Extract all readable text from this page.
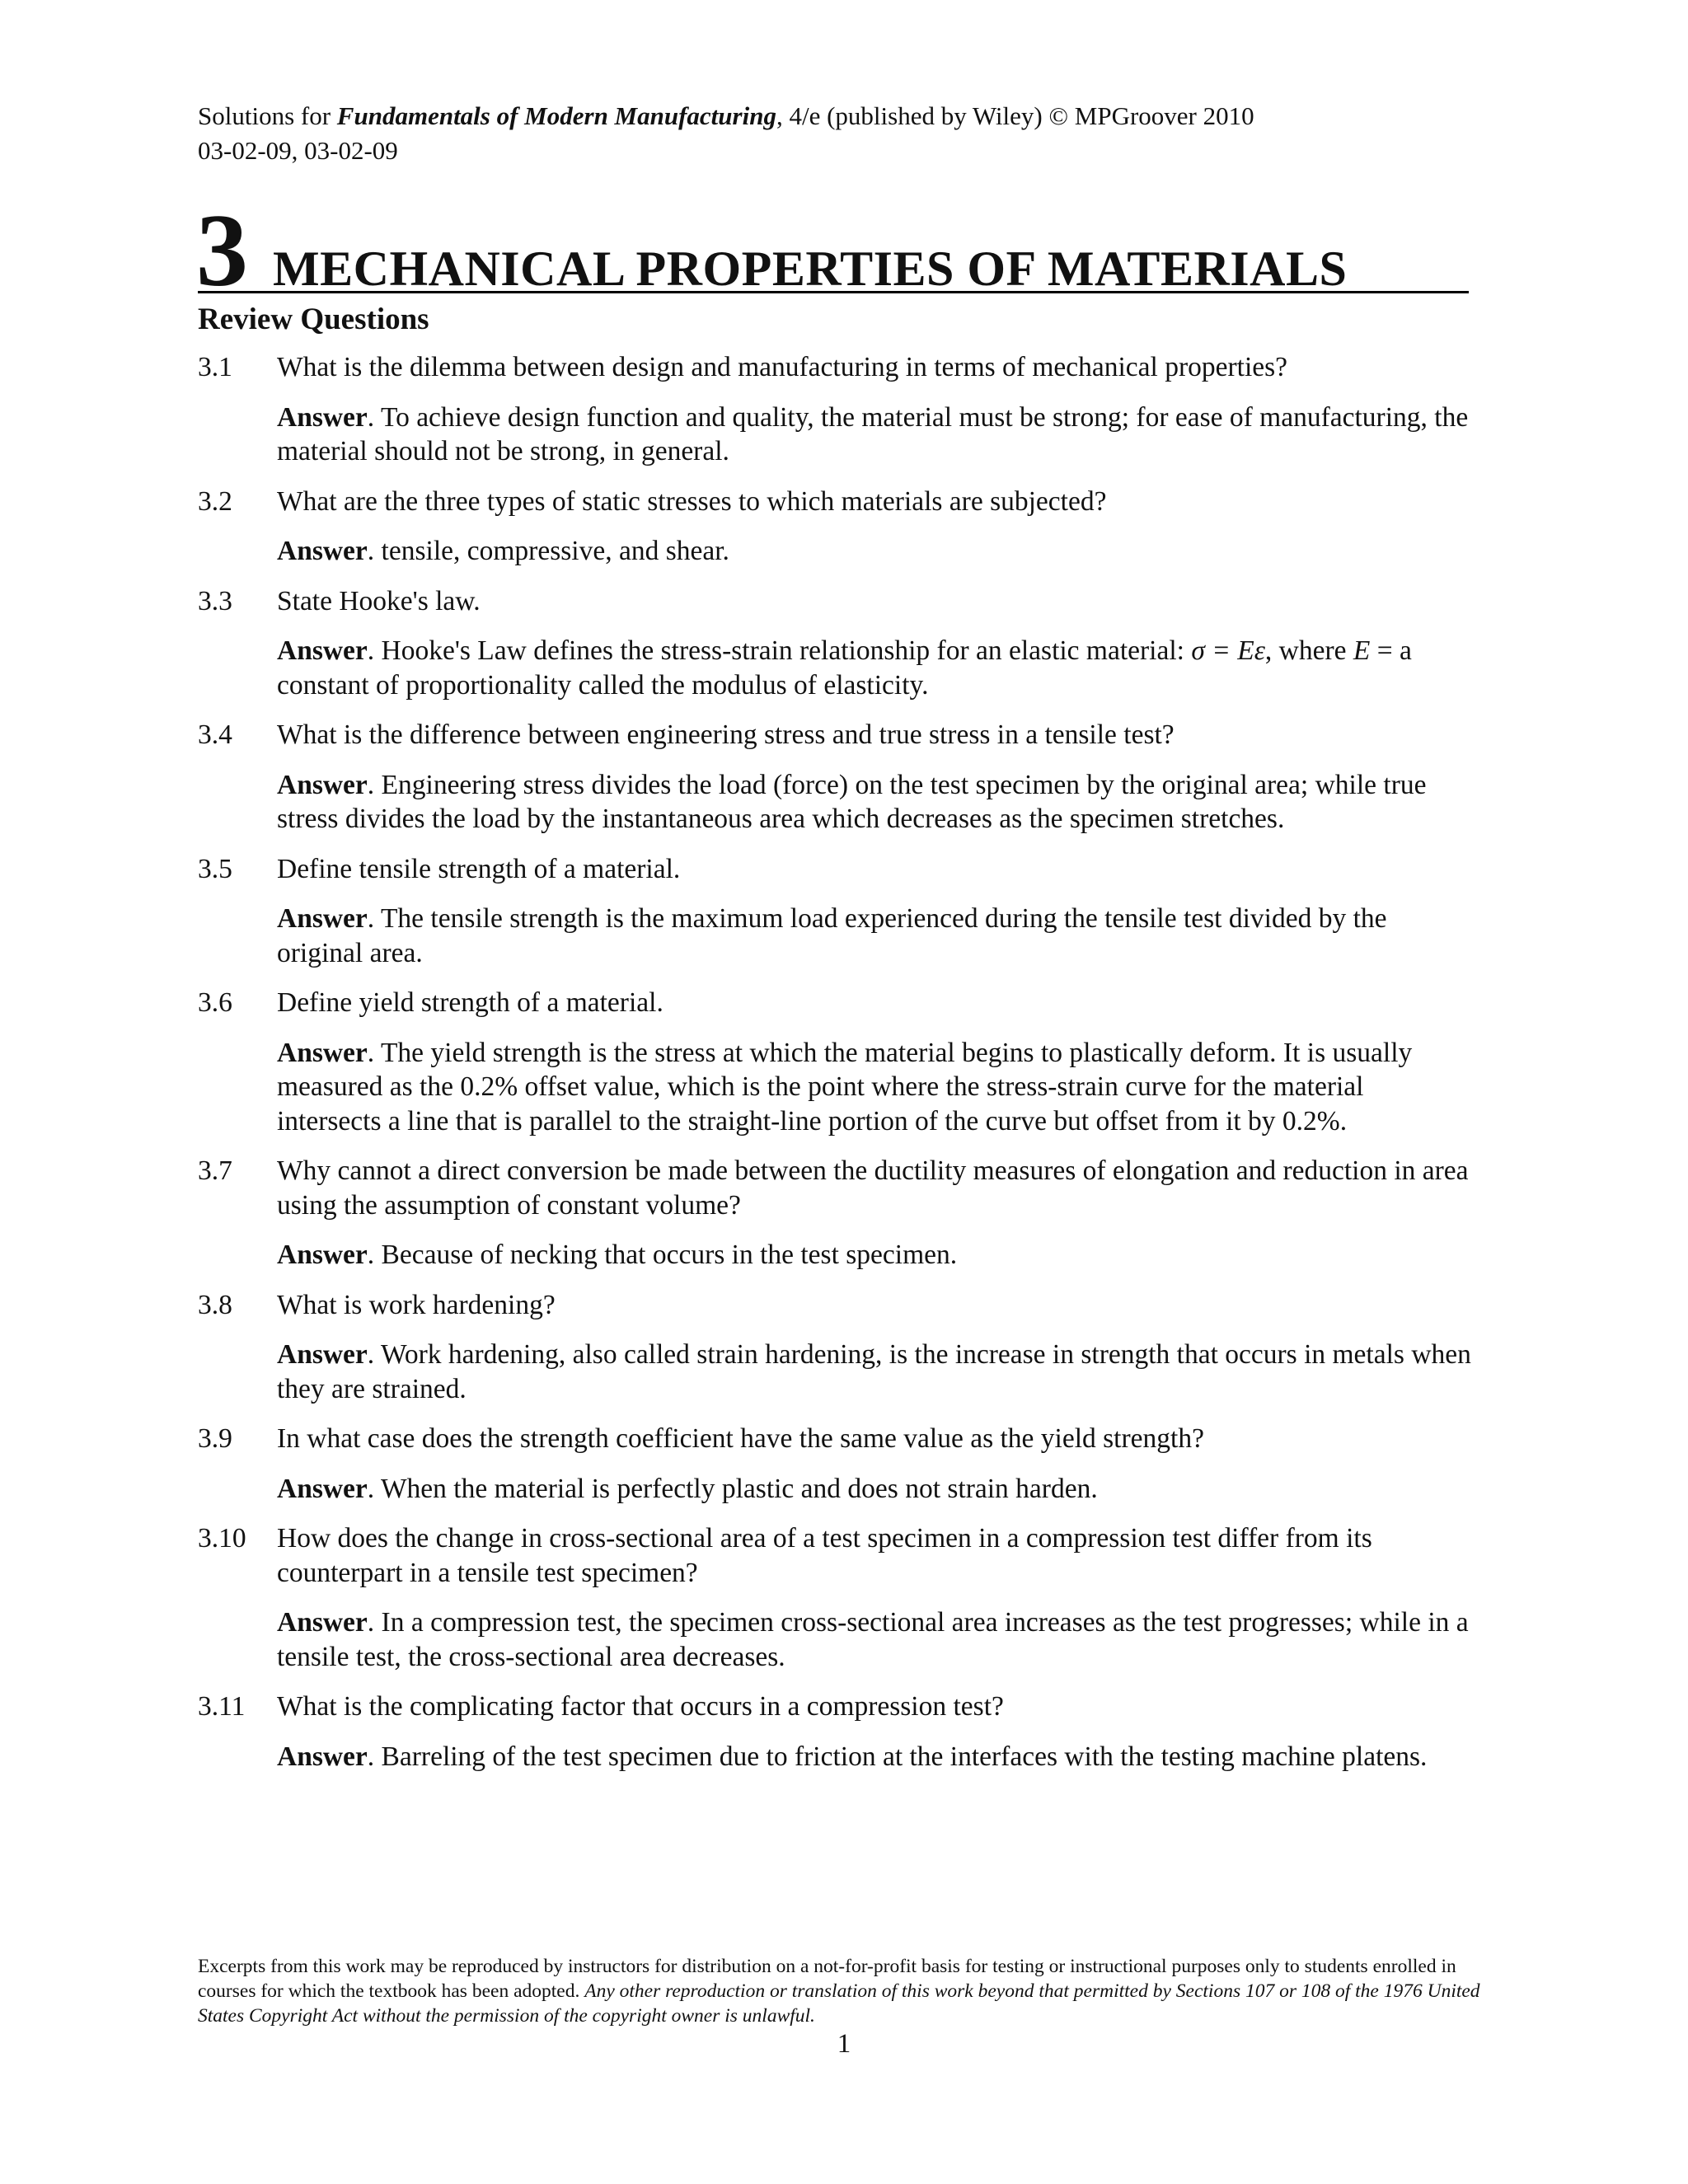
Solutions for Fundamentals of Modern Manufacturing, 4/e (published by Wiley) © MPGroover 2010
03-02-09, 03-02-09
3 MECHANICAL PROPERTIES OF MATERIALS
Review Questions
3.1	What is the dilemma between design and manufacturing in terms of mechanical properties?
Answer. To achieve design function and quality, the material must be strong; for ease of manufacturing, the material should not be strong, in general.
3.2	What are the three types of static stresses to which materials are subjected?
Answer. tensile, compressive, and shear.
3.3	State Hooke's law.
Answer. Hooke's Law defines the stress-strain relationship for an elastic material: σ = Eε, where E = a constant of proportionality called the modulus of elasticity.
3.4	What is the difference between engineering stress and true stress in a tensile test?
Answer. Engineering stress divides the load (force) on the test specimen by the original area; while true stress divides the load by the instantaneous area which decreases as the specimen stretches.
3.5	Define tensile strength of a material.
Answer. The tensile strength is the maximum load experienced during the tensile test divided by the original area.
3.6	Define yield strength of a material.
Answer. The yield strength is the stress at which the material begins to plastically deform. It is usually measured as the 0.2% offset value, which is the point where the stress-strain curve for the material intersects a line that is parallel to the straight-line portion of the curve but offset from it by 0.2%.
3.7	Why cannot a direct conversion be made between the ductility measures of elongation and reduction in area using the assumption of constant volume?
Answer. Because of necking that occurs in the test specimen.
3.8	What is work hardening?
Answer. Work hardening, also called strain hardening, is the increase in strength that occurs in metals when they are strained.
3.9	In what case does the strength coefficient have the same value as the yield strength?
Answer. When the material is perfectly plastic and does not strain harden.
3.10	How does the change in cross-sectional area of a test specimen in a compression test differ from its counterpart in a tensile test specimen?
Answer. In a compression test, the specimen cross-sectional area increases as the test progresses; while in a tensile test, the cross-sectional area decreases.
3.11	What is the complicating factor that occurs in a compression test?
Answer. Barreling of the test specimen due to friction at the interfaces with the testing machine platens.
Excerpts from this work may be reproduced by instructors for distribution on a not-for-profit basis for testing or instructional purposes only to students enrolled in courses for which the textbook has been adopted. Any other reproduction or translation of this work beyond that permitted by Sections 107 or 108 of the 1976 United States Copyright Act without the permission of the copyright owner is unlawful.
1
